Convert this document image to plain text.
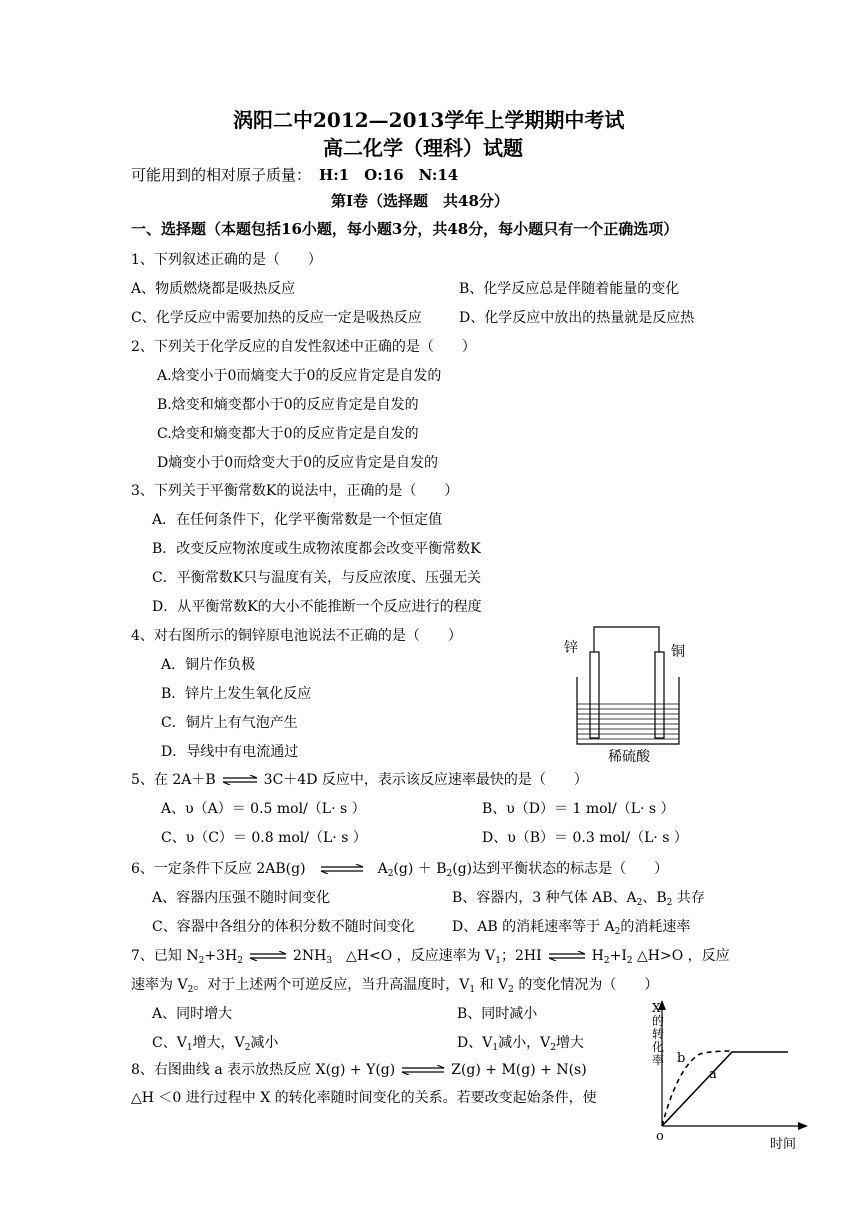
涡阳二中2012—2013学年上学期期中考试
高二化学（理科）试题
可能用到的相对原子质量： H:1　O:16　N:14
第Ⅰ卷（选择题　共48分）
一、选择题（本题包括16小题，每小题3分，共48分，每小题只有一个正确选项）
1、下列叙述正确的是（　　）
A、物质燃烧都是吸热反应	B、化学反应总是伴随着能量的变化
C、化学反应中需要加热的反应一定是吸热反应	D、化学反应中放出的热量就是反应热
2、下列关于化学反应的自发性叙述中正确的是（　　）
A.焓变小于0而熵变大于0的反应肯定是自发的
B.焓变和熵变都小于0的反应肯定是自发的
C.焓变和熵变都大于0的反应肯定是自发的
D熵变小于0而焓变大于0的反应肯定是自发的
3、下列关于平衡常数K的说法中，正确的是（　　）
A．在任何条件下，化学平衡常数是一个恒定值
B．改变反应物浓度或生成物浓度都会改变平衡常数K
C．平衡常数K只与温度有关，与反应浓度、压强无关
D．从平衡常数K的大小不能推断一个反应进行的程度
4、对右图所示的铜锌原电池说法不正确的是（　　）
A．铜片作负极
B．锌片上发生氧化反应
C．铜片上有气泡产生
D．导线中有电流通过
锌	铜
稀硫酸
5、在 2A＋B ⇌ 3C＋4D 反应中，表示该反应速率最快的是（　　）
A、υ（A）＝ 0.5 mol/（L· s ）	B、υ（D）＝ 1 mol/（L· s ）
C、υ（C）＝ 0.8 mol/（L· s ）	D、υ（B）＝ 0.3 mol/（L· s ）
6、一定条件下反应 2AB(g) ⇌ $A_2(g) + B_2(g)$达到平衡状态的标志是（　　）
A、容器内压强不随时间变化	B、容器内，3 种气体 AB、$A_2$、$B_2$ 共存
C、容器中各组分的体积分数不随时间变化	D、AB 的消耗速率等于 $A_2$的消耗速率
7、已知 $N_2+3H_2$ ⇌ $2NH_3$　△H<O ，反应速率为 $V_1$；2HI ⇌ $H_2+I_2$ △H>O ，反应
速率为 $V_2$。对于上述两个可逆反应，当升高温度时，$V_1$ 和 $V_2$ 的变化情况为（　　）
A、同时增大	B、同时减小
C、$V_1$增大，$V_2$减小	D、$V_1$减小，$V_2$增大
8、右图曲线 a 表示放热反应 X(g) + Y(g) ⇌ Z(g) + M(g) + N(s)
△H ＜0 进行过程中 X 的转化率随时间变化的关系。若要改变起始条件，使
X
的
转
化
率
a
b
o
时间
